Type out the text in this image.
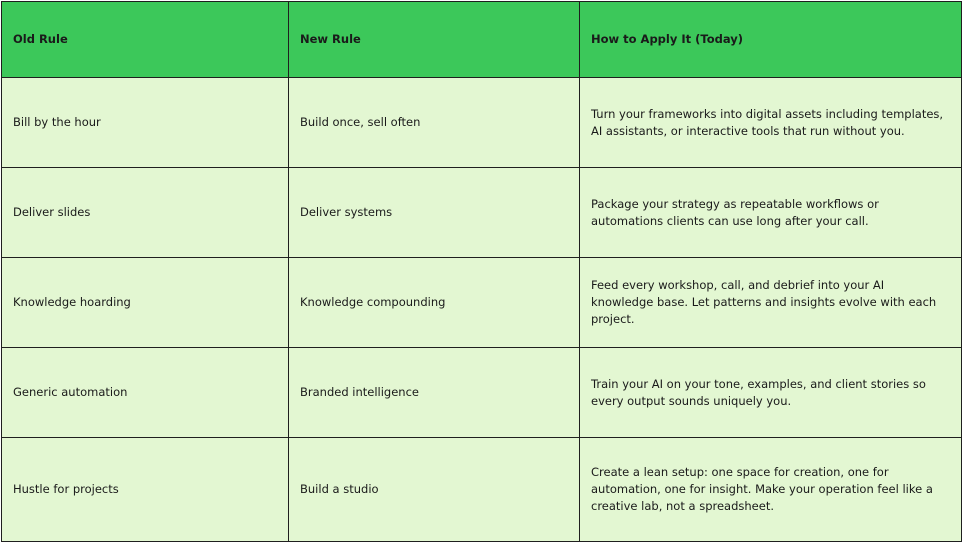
Old Rule	New Rule	How to Apply It (Today)
Bill by the hour	Build once, sell often	Turn your frameworks into digital assets including templates, AI assistants, or interactive tools that run without you.
Deliver slides	Deliver systems	Package your strategy as repeatable workflows or automations clients can use long after your call.
Knowledge hoarding	Knowledge compounding	Feed every workshop, call, and debrief into your AI knowledge base. Let patterns and insights evolve with each project.
Generic automation	Branded intelligence	Train your AI on your tone, examples, and client stories so every output sounds uniquely you.
Hustle for projects	Build a studio	Create a lean setup: one space for creation, one for automation, one for insight. Make your operation feel like a creative lab, not a spreadsheet.
